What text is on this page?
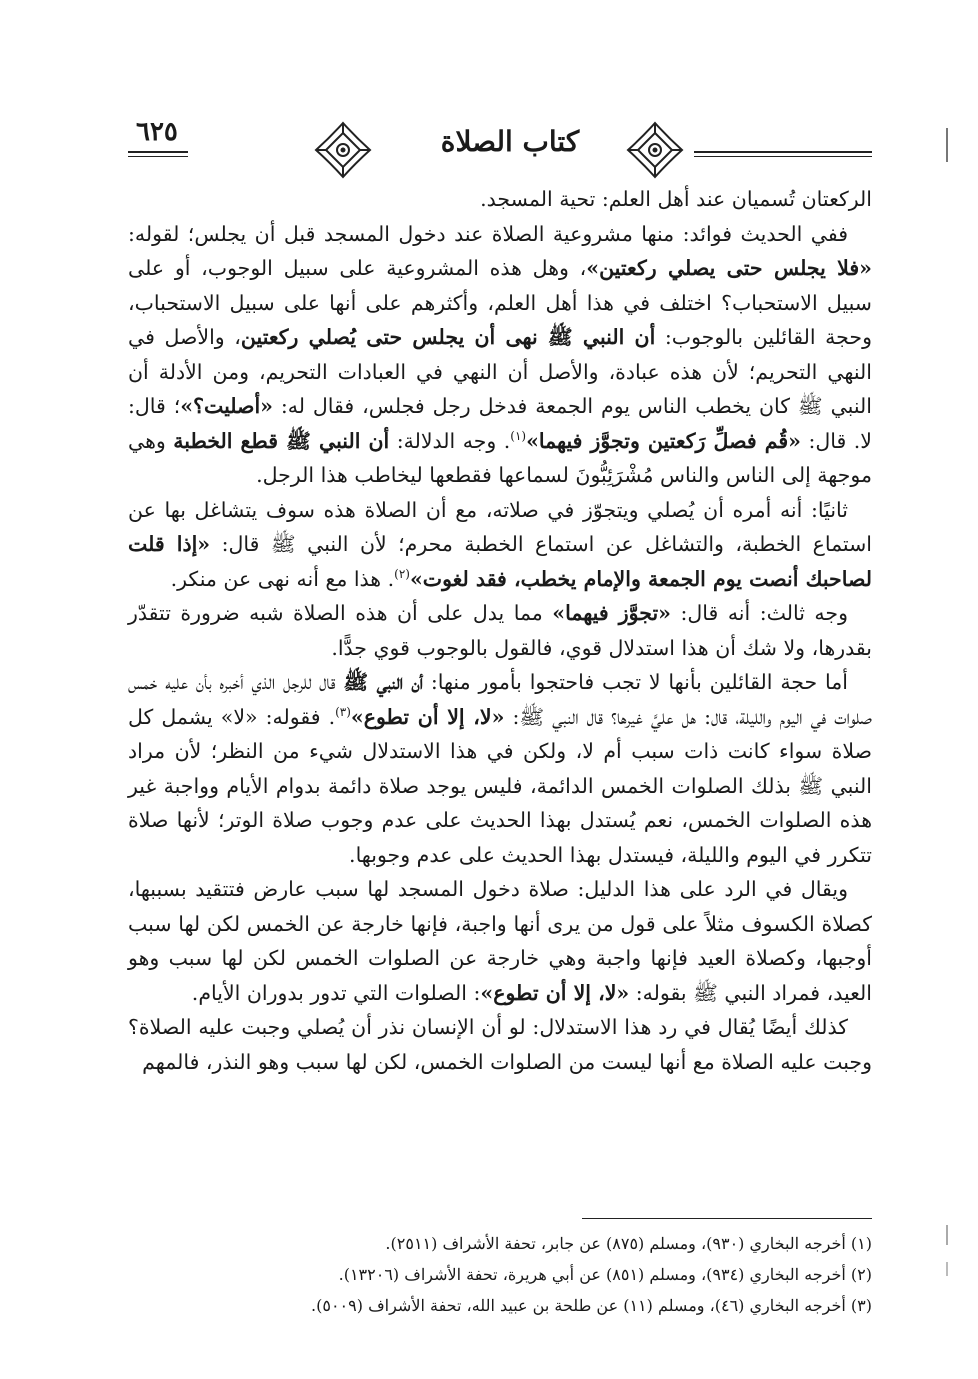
كتاب الصلاة
٦٢٥

الركعتان تُسميان عند أهل العلم: تحية المسجد.

ففي الحديث فوائد: منها مشروعية الصلاة عند دخول المسجد قبل أن يجلس؛ لقوله: «فلا يجلس حتى يصلي ركعتين»، وهل هذه المشروعية على سبيل الوجوب، أو على سبيل الاستحباب؟ اختلف في هذا أهل العلم، وأكثرهم على أنها على سبيل الاستحباب، وحجة القائلين بالوجوب: أن النبي ﷺ نهى أن يجلس حتى يُصلي ركعتين، والأصل في النهي التحريم؛ لأن هذه عبادة، والأصل أن النهي في العبادات التحريم، ومن الأدلة أن النبي ﷺ كان يخطب الناس يوم الجمعة فدخل رجل فجلس، فقال له: «أصليت؟»؛ قال: لا. قال: «قُم فصلِّ رَكعتين وتجوَّز فيهما»$^{(١)}$. وجه الدلالة: أن النبي ﷺ قطع الخطبة وهي موجهة إلى الناس والناس مُشْرَئِبُّونَ لسماعها فقطعها ليخاطب هذا الرجل.

ثانيًا: أنه أمره أن يُصلي ويتجوّز في صلاته، مع أن الصلاة هذه سوف يتشاغل بها عن استماع الخطبة، والتشاغل عن استماع الخطبة محرم؛ لأن النبي ﷺ قال: «إذا قلت لصاحبك أنصت يوم الجمعة والإمام يخطب، فقد لغوت»$^{(٢)}$. هذا مع أنه نهى عن منكر.

وجه ثالث: أنه قال: «تجوَّز فيهما» مما يدل على أن هذه الصلاة شبه ضرورة تتقدّر بقدرها، ولا شك أن هذا استدلال قوي، فالقول بالوجوب قوي جدًّا.

أما حجة القائلين بأنها لا تجب فاحتجوا بأمور منها: أن النبي ﷺ قال للرجل الذي أخبره بأن عليه خمس صلوات في اليوم والليلة، قال: هل عليَّ غيرها؟ قال النبي ﷺ: «لا، إلا أن تطوع»$^{(٣)}$. فقوله: «لا» يشمل كل صلاة سواء كانت ذات سبب أم لا، ولكن في هذا الاستدلال شيء من النظر؛ لأن مراد النبي ﷺ بذلك الصلوات الخمس الدائمة، فليس يوجد صلاة دائمة بدوام الأيام وواجبة غير هذه الصلوات الخمس، نعم يُستدل بهذا الحديث على عدم وجوب صلاة الوتر؛ لأنها صلاة تتكرر في اليوم والليلة، فيستدل بهذا الحديث على عدم وجوبها.

ويقال في الرد على هذا الدليل: صلاة دخول المسجد لها سبب عارض فتتقيد بسببها، كصلاة الكسوف مثلاً على قول من يرى أنها واجبة، فإنها خارجة عن الخمس لكن لها سبب أوجبها، وكصلاة العيد فإنها واجبة وهي خارجة عن الصلوات الخمس لكن لها سبب وهو العيد، فمراد النبي ﷺ بقوله: «لا، إلا أن تطوع»: الصلوات التي تدور بدوران الأيام.

كذلك أيضًا يُقال في رد هذا الاستدلال: لو أن الإنسان نذر أن يُصلي وجبت عليه الصلاة؟ وجبت عليه الصلاة مع أنها ليست من الصلوات الخمس، لكن لها سبب وهو النذر، فالمهم

(١) أخرجه البخاري (٩٣٠)، ومسلم (٨٧٥) عن جابر، تحفة الأشراف (٢٥١١).
(٢) أخرجه البخاري (٩٣٤)، ومسلم (٨٥١) عن أبي هريرة، تحفة الأشراف (١٣٢٠٦).
(٣) أخرجه البخاري (٤٦)، ومسلم (١١) عن طلحة بن عبيد الله، تحفة الأشراف (٥٠٠٩).
